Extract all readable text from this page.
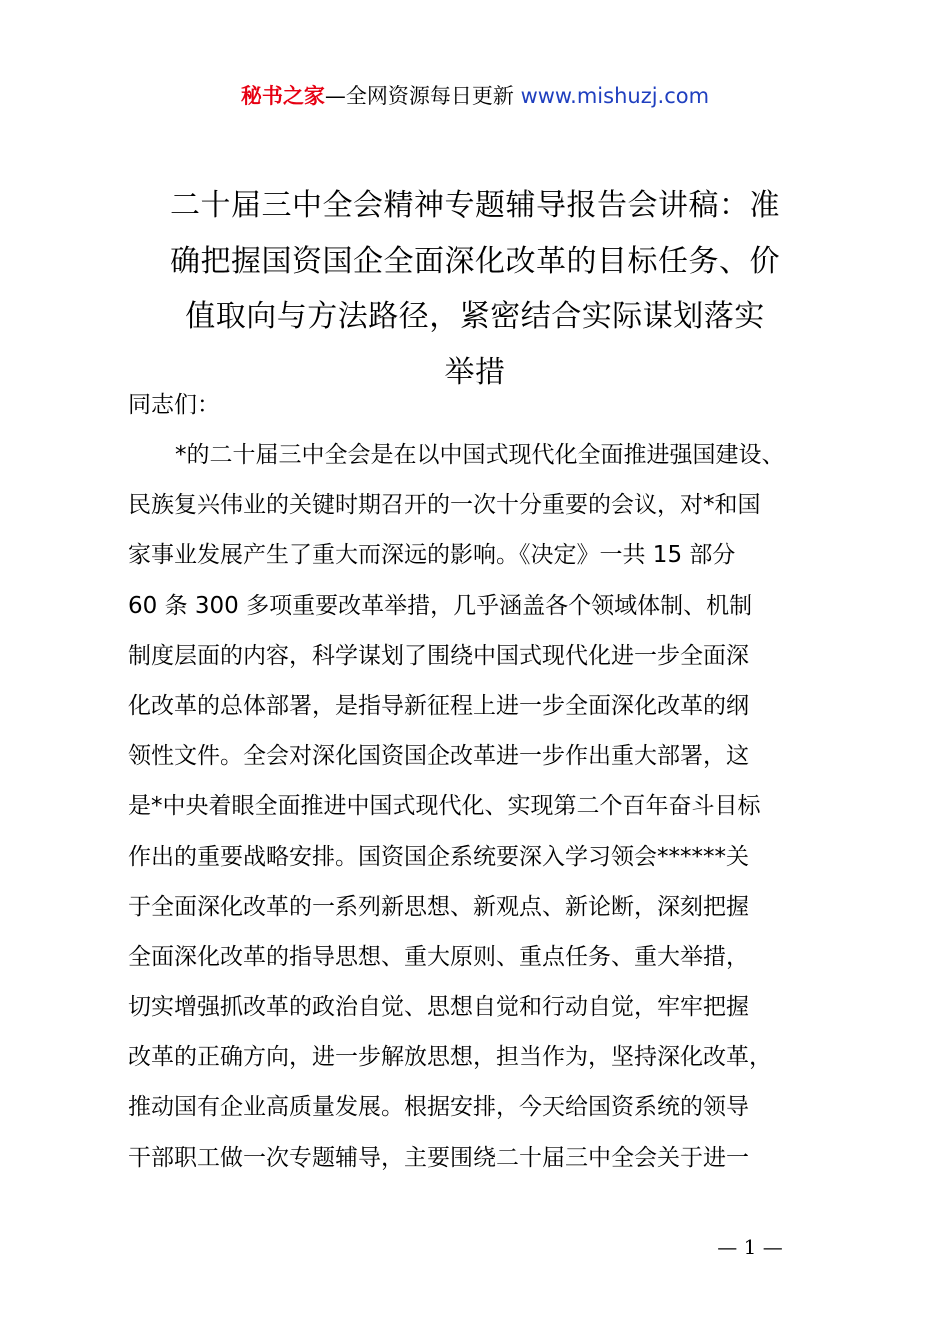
秘书之家—全网资源每日更新 www.mishuzj.com
二十届三中全会精神专题辅导报告会讲稿：准
确把握国资国企全面深化改革的目标任务、价
值取向与方法路径，紧密结合实际谋划落实
举措
同志们：
*的二十届三中全会是在以中国式现代化全面推进强国建设、
民族复兴伟业的关键时期召开的一次十分重要的会议，对*和国
家事业发展产生了重大而深远的影响。《决定》一共 15 部分
60 条 300 多项重要改革举措，几乎涵盖各个领域体制、机制
制度层面的内容，科学谋划了围绕中国式现代化进一步全面深
化改革的总体部署，是指导新征程上进一步全面深化改革的纲
领性文件。全会对深化国资国企改革进一步作出重大部署，这
是*中央着眼全面推进中国式现代化、实现第二个百年奋斗目标
作出的重要战略安排。国资国企系统要深入学习领会******关
于全面深化改革的一系列新思想、新观点、新论断，深刻把握
全面深化改革的指导思想、重大原则、重点任务、重大举措，
切实增强抓改革的政治自觉、思想自觉和行动自觉，牢牢把握
改革的正确方向，进一步解放思想，担当作为，坚持深化改革，
推动国有企业高质量发展。根据安排，今天给国资系统的领导
干部职工做一次专题辅导，主要围绕二十届三中全会关于进一
— 1 —
